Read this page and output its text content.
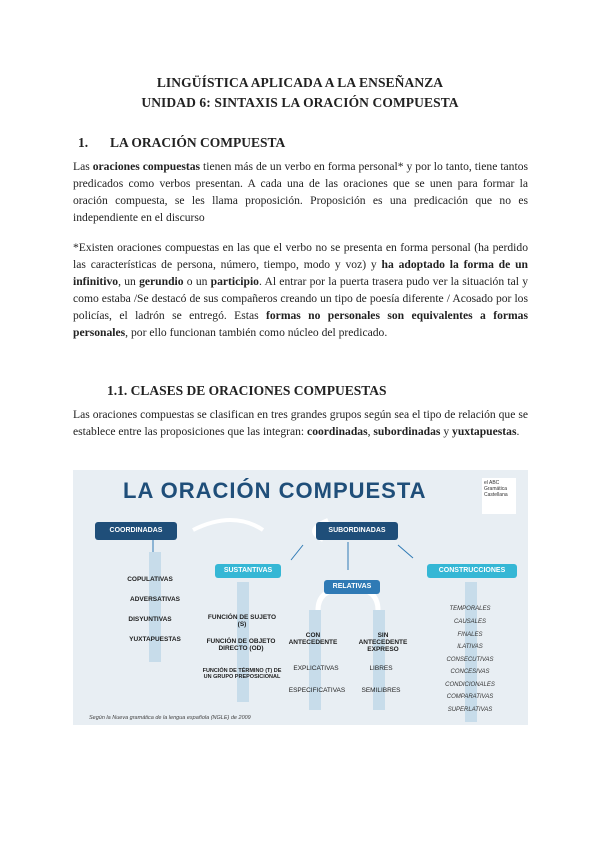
LINGÜÍSTICA APLICADA A LA ENSEÑANZA
UNIDAD 6: SINTAXIS LA ORACIÓN COMPUESTA
1. LA ORACIÓN COMPUESTA
Las oraciones compuestas tienen más de un verbo en forma personal* y por lo tanto, tiene tantos predicados como verbos presentan. A cada una de las oraciones que se unen para formar la oración compuesta, se les llama proposición. Proposición es una predicación que no es independiente en el discurso
*Existen oraciones compuestas en las que el verbo no se presenta en forma personal (ha perdido las características de persona, número, tiempo, modo y voz) y ha adoptado la forma de un infinitivo, un gerundio o un participio. Al entrar por la puerta trasera pudo ver la situación tal y como estaba /Se destacó de sus compañeros creando un tipo de poesía diferente / Acosado por los policías, el ladrón se entregó. Estas formas no personales son equivalentes a formas personales, por ello funcionan también como núcleo del predicado.
1.1. CLASES DE ORACIONES COMPUESTAS
Las oraciones compuestas se clasifican en tres grandes grupos según sea el tipo de relación que se establece entre las proposiciones que las integran: coordinadas, subordinadas y yuxtapuestas.
LA ORACIÓN COMPUESTA	el ABC Gramática Castellana
COORDINADAS	SUBORDINADAS
SUSTANTIVAS
RELATIVAS
CONSTRUCCIONES
COPULATIVAS
ADVERSATIVAS
DISYUNTIVAS
YUXTAPUESTAS
FUNCIÓN DE SUJETO (S)
FUNCIÓN DE OBJETO DIRECTO (OD)
FUNCIÓN DE TÉRMINO (T) DE UN GRUPO PREPOSICIONAL
CON ANTECEDENTE
EXPLICATIVAS
ESPECIFICATIVAS
SIN ANTECEDENTE EXPRESO
LIBRES
SEMILIBRES
TEMPORALES
CAUSALES
FINALES
ILATIVAS
CONSECUTIVAS
CONCESIVAS
CONDICIONALES
COMPARATIVAS
SUPERLATIVAS
Según la Nueva gramática de la lengua española (NGLE) de 2009
